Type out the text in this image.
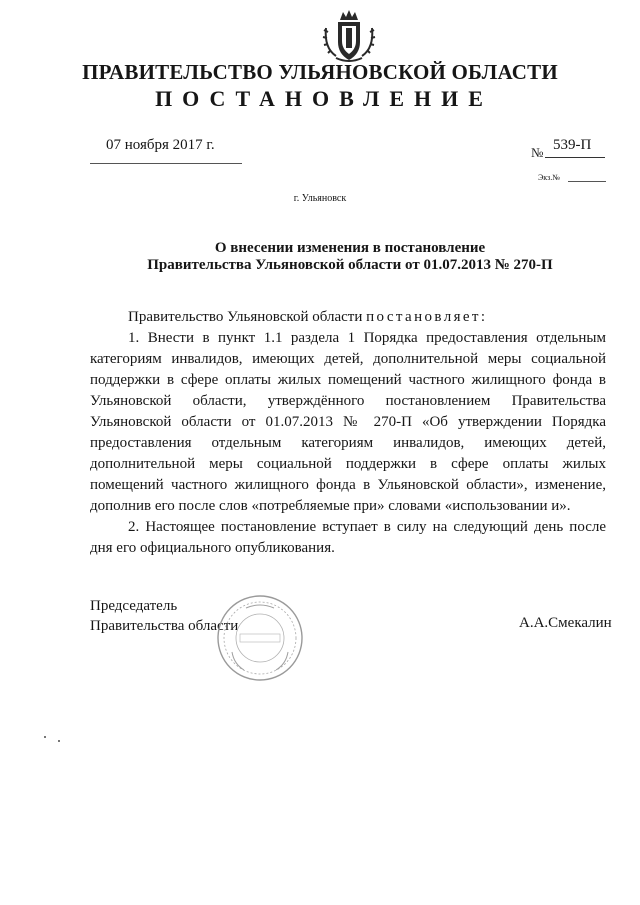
ПРАВИТЕЛЬСТВО УЛЬЯНОВСКОЙ ОБЛАСТИ
ПОСТАНОВЛЕНИЕ
07 ноября 2017 г.	№ 539-П
Экз.№
г. Ульяновск
О внесении изменения в постановление
Правительства Ульяновской области от 01.07.2013 № 270-П

Правительство Ульяновской области постановляет:

1. Внести в пункт 1.1 раздела 1 Порядка предоставления отдельным категориям инвалидов, имеющих детей, дополнительной меры социальной поддержки в сфере оплаты жилых помещений частного жилищного фонда в Ульяновской области, утверждённого постановлением Правительства Ульяновской области от 01.07.2013 № 270-П «Об утверждении Порядка предоставления отдельным категориям инвалидов, имеющих детей, дополнительной меры социальной поддержки в сфере оплаты жилых помещений частного жилищного фонда в Ульяновской области», изменение, дополнив его после слов «потребляемые при» словами «использовании и».

2. Настоящее постановление вступает в силу на следующий день после дня его официального опубликования.

Председатель
Правительства области	А.А.Смекалин
